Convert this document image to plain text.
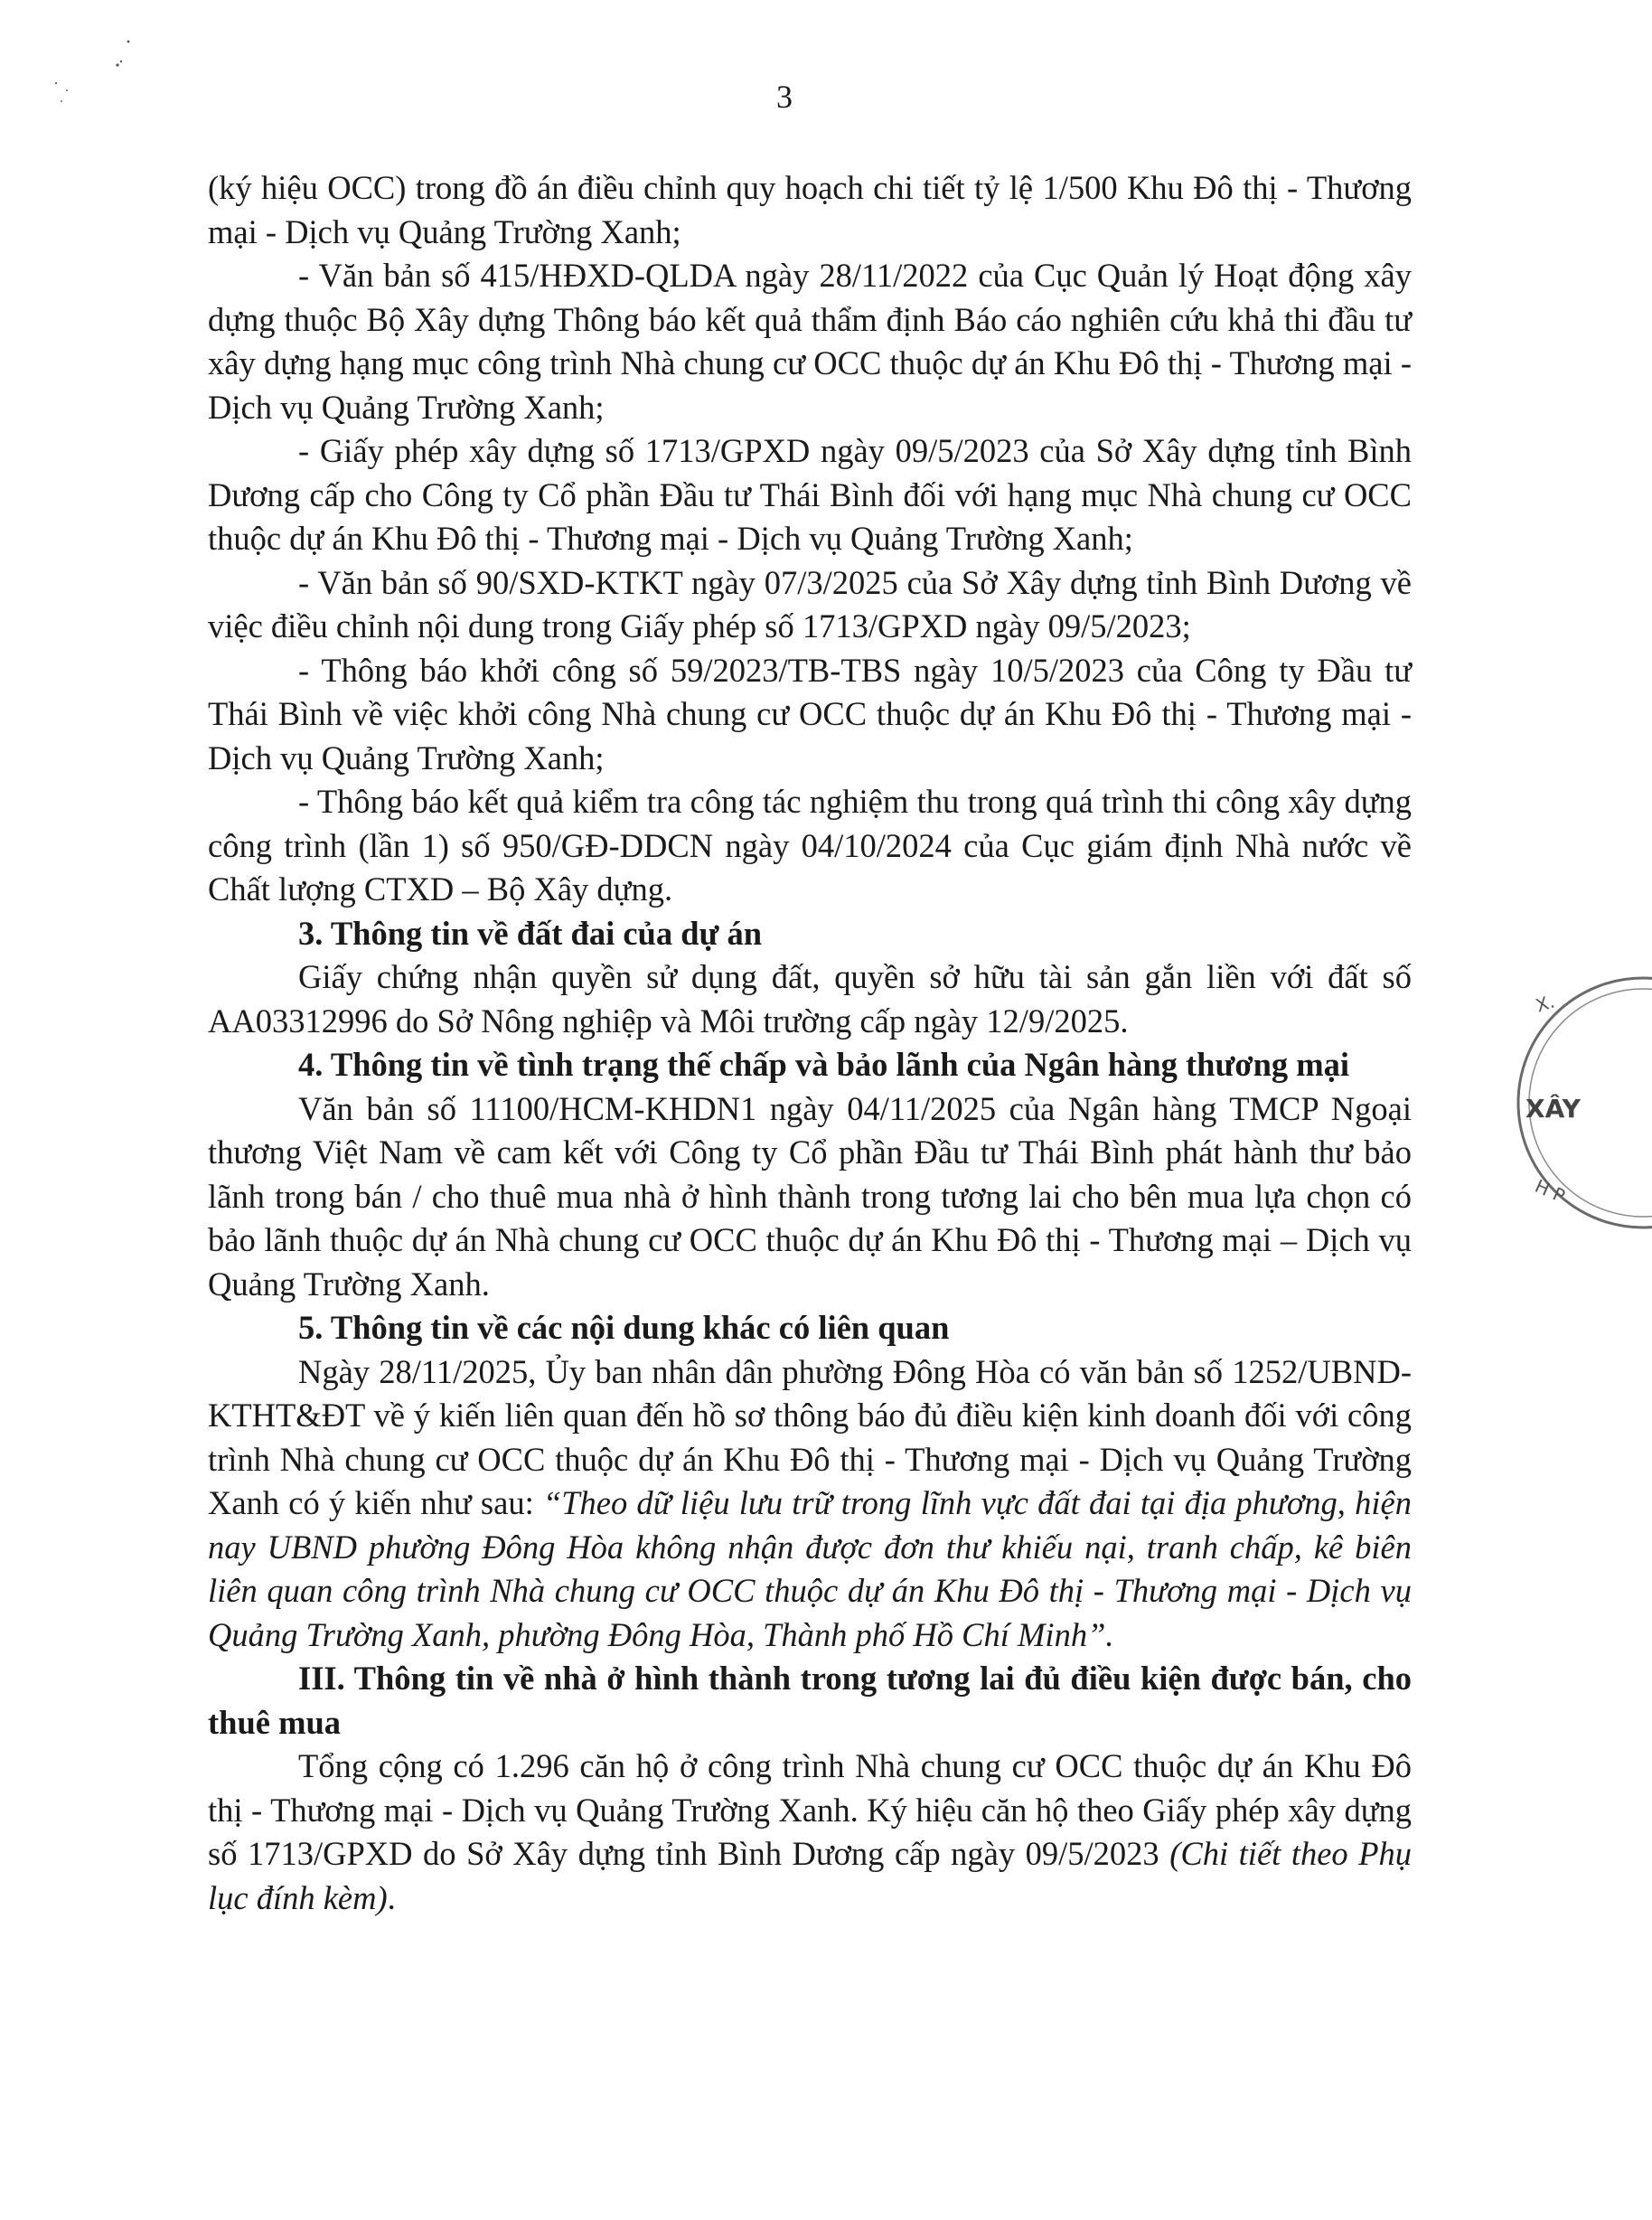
3

(ký hiệu OCC) trong đồ án điều chỉnh quy hoạch chi tiết tỷ lệ 1/500 Khu Đô thị - Thương mại - Dịch vụ Quảng Trường Xanh;

- Văn bản số 415/HĐXD-QLDA ngày 28/11/2022 của Cục Quản lý Hoạt động xây dựng thuộc Bộ Xây dựng Thông báo kết quả thẩm định Báo cáo nghiên cứu khả thi đầu tư xây dựng hạng mục công trình Nhà chung cư OCC thuộc dự án Khu Đô thị - Thương mại - Dịch vụ Quảng Trường Xanh;

- Giấy phép xây dựng số 1713/GPXD ngày 09/5/2023 của Sở Xây dựng tỉnh Bình Dương cấp cho Công ty Cổ phần Đầu tư Thái Bình đối với hạng mục Nhà chung cư OCC thuộc dự án Khu Đô thị - Thương mại - Dịch vụ Quảng Trường Xanh;

- Văn bản số 90/SXD-KTKT ngày 07/3/2025 của Sở Xây dựng tỉnh Bình Dương về việc điều chỉnh nội dung trong Giấy phép số 1713/GPXD ngày 09/5/2023;

- Thông báo khởi công số 59/2023/TB-TBS ngày 10/5/2023 của Công ty Đầu tư Thái Bình về việc khởi công Nhà chung cư OCC thuộc dự án Khu Đô thị - Thương mại - Dịch vụ Quảng Trường Xanh;

- Thông báo kết quả kiểm tra công tác nghiệm thu trong quá trình thi công xây dựng công trình (lần 1) số 950/GĐ-DDCN ngày 04/10/2024 của Cục giám định Nhà nước về Chất lượng CTXD – Bộ Xây dựng.

3. Thông tin về đất đai của dự án

Giấy chứng nhận quyền sử dụng đất, quyền sở hữu tài sản gắn liền với đất số AA03312996 do Sở Nông nghiệp và Môi trường cấp ngày 12/9/2025.

4. Thông tin về tình trạng thế chấp và bảo lãnh của Ngân hàng thương mại

Văn bản số 11100/HCM-KHDN1 ngày 04/11/2025 của Ngân hàng TMCP Ngoại thương Việt Nam về cam kết với Công ty Cổ phần Đầu tư Thái Bình phát hành thư bảo lãnh trong bán / cho thuê mua nhà ở hình thành trong tương lai cho bên mua lựa chọn có bảo lãnh thuộc dự án Nhà chung cư OCC thuộc dự án Khu Đô thị - Thương mại – Dịch vụ Quảng Trường Xanh.

5. Thông tin về các nội dung khác có liên quan

Ngày 28/11/2025, Ủy ban nhân dân phường Đông Hòa có văn bản số 1252/UBND-KTHT&ĐT về ý kiến liên quan đến hồ sơ thông báo đủ điều kiện kinh doanh đối với công trình Nhà chung cư OCC thuộc dự án Khu Đô thị - Thương mại - Dịch vụ Quảng Trường Xanh có ý kiến như sau: “Theo dữ liệu lưu trữ trong lĩnh vực đất đai tại địa phương, hiện nay UBND phường Đông Hòa không nhận được đơn thư khiếu nại, tranh chấp, kê biên liên quan công trình Nhà chung cư OCC thuộc dự án Khu Đô thị - Thương mại - Dịch vụ Quảng Trường Xanh, phường Đông Hòa, Thành phố Hồ Chí Minh”.

III. Thông tin về nhà ở hình thành trong tương lai đủ điều kiện được bán, cho thuê mua

Tổng cộng có 1.296 căn hộ ở công trình Nhà chung cư OCC thuộc dự án Khu Đô thị - Thương mại - Dịch vụ Quảng Trường Xanh. Ký hiệu căn hộ theo Giấy phép xây dựng số 1713/GPXD do Sở Xây dựng tỉnh Bình Dương cấp ngày 09/5/2023 (Chi tiết theo Phụ lục đính kèm).

X.
XÂY
H P
